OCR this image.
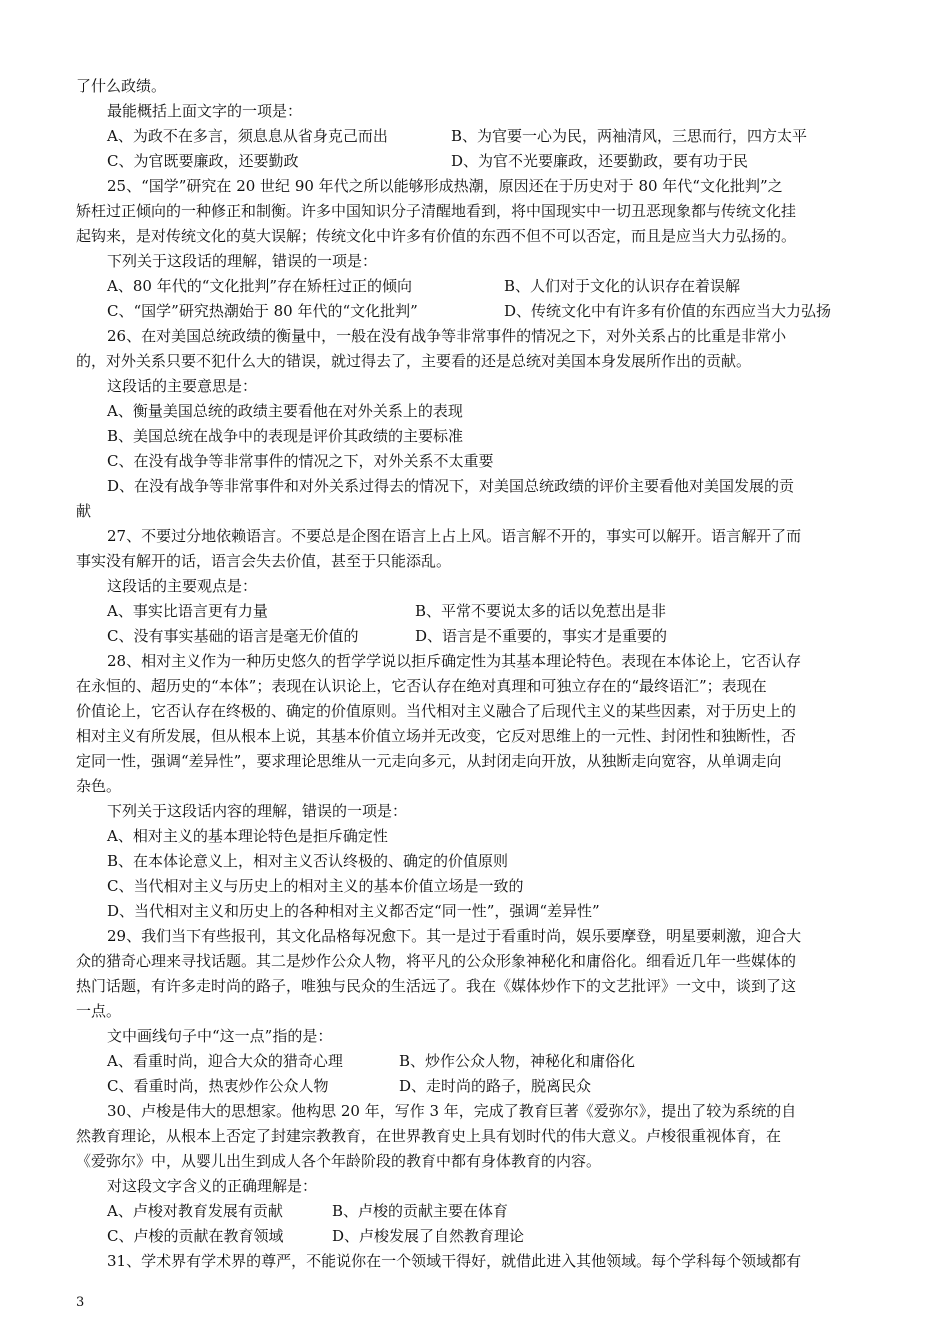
了什么政绩。
最能概括上面文字的一项是：
A、为政不在多言，须息息从省身克己而出	B、为官要一心为民，两袖清风，三思而行，四方太平
C、为官既要廉政，还要勤政	D、为官不光要廉政，还要勤政，要有功于民
25、“国学”研究在 20 世纪 90 年代之所以能够形成热潮，原因还在于历史对于 80 年代“文化批判”之
矫枉过正倾向的一种修正和制衡。许多中国知识分子清醒地看到，将中国现实中一切丑恶现象都与传统文化挂
起钩来，是对传统文化的莫大误解；传统文化中许多有价值的东西不但不可以否定，而且是应当大力弘扬的。
下列关于这段话的理解，错误的一项是：
A、80 年代的“文化批判”存在矫枉过正的倾向	B、人们对于文化的认识存在着误解
C、“国学”研究热潮始于 80 年代的“文化批判”	D、传统文化中有许多有价值的东西应当大力弘扬
26、在对美国总统政绩的衡量中，一般在没有战争等非常事件的情况之下，对外关系占的比重是非常小
的，对外关系只要不犯什么大的错误，就过得去了，主要看的还是总统对美国本身发展所作出的贡献。
这段话的主要意思是：
A、衡量美国总统的政绩主要看他在对外关系上的表现
B、美国总统在战争中的表现是评价其政绩的主要标准
C、在没有战争等非常事件的情况之下，对外关系不太重要
D、在没有战争等非常事件和对外关系过得去的情况下，对美国总统政绩的评价主要看他对美国发展的贡
献
27、不要过分地依赖语言。不要总是企图在语言上占上风。语言解不开的，事实可以解开。语言解开了而
事实没有解开的话，语言会失去价值，甚至于只能添乱。
这段话的主要观点是：
A、事实比语言更有力量	B、平常不要说太多的话以免惹出是非
C、没有事实基础的语言是毫无价值的	D、语言是不重要的，事实才是重要的
28、相对主义作为一种历史悠久的哲学学说以拒斥确定性为其基本理论特色。表现在本体论上，它否认存
在永恒的、超历史的“本体”；表现在认识论上，它否认存在绝对真理和可独立存在的“最终语汇”；表现在
价值论上，它否认存在终极的、确定的价值原则。当代相对主义融合了后现代主义的某些因素，对于历史上的
相对主义有所发展，但从根本上说，其基本价值立场并无改变，它反对思维上的一元性、封闭性和独断性，否
定同一性，强调“差异性”，要求理论思维从一元走向多元，从封闭走向开放，从独断走向宽容，从单调走向
杂色。
下列关于这段话内容的理解，错误的一项是：
A、相对主义的基本理论特色是拒斥确定性
B、在本体论意义上，相对主义否认终极的、确定的价值原则
C、当代相对主义与历史上的相对主义的基本价值立场是一致的
D、当代相对主义和历史上的各种相对主义都否定“同一性”，强调“差异性”
29、我们当下有些报刊，其文化品格每况愈下。其一是过于看重时尚，娱乐要摩登，明星要刺激，迎合大
众的猎奇心理来寻找话题。其二是炒作公众人物，将平凡的公众形象神秘化和庸俗化。细看近几年一些媒体的
热门话题，有许多走时尚的路子，唯独与民众的生活远了。我在《媒体炒作下的文艺批评》一文中，谈到了这
一点。
文中画线句子中“这一点”指的是：
A、看重时尚，迎合大众的猎奇心理	B、炒作公众人物，神秘化和庸俗化
C、看重时尚，热衷炒作公众人物	D、走时尚的路子，脱离民众
30、卢梭是伟大的思想家。他构思 20 年，写作 3 年，完成了教育巨著《爱弥尔》，提出了较为系统的自
然教育理论，从根本上否定了封建宗教教育，在世界教育史上具有划时代的伟大意义。卢梭很重视体育，在
《爱弥尔》中，从婴儿出生到成人各个年龄阶段的教育中都有身体教育的内容。
对这段文字含义的正确理解是：
A、卢梭对教育发展有贡献	B、卢梭的贡献主要在体育
C、卢梭的贡献在教育领域	D、卢梭发展了自然教育理论
31、学术界有学术界的尊严，不能说你在一个领域干得好，就借此进入其他领域。每个学科每个领域都有
3
